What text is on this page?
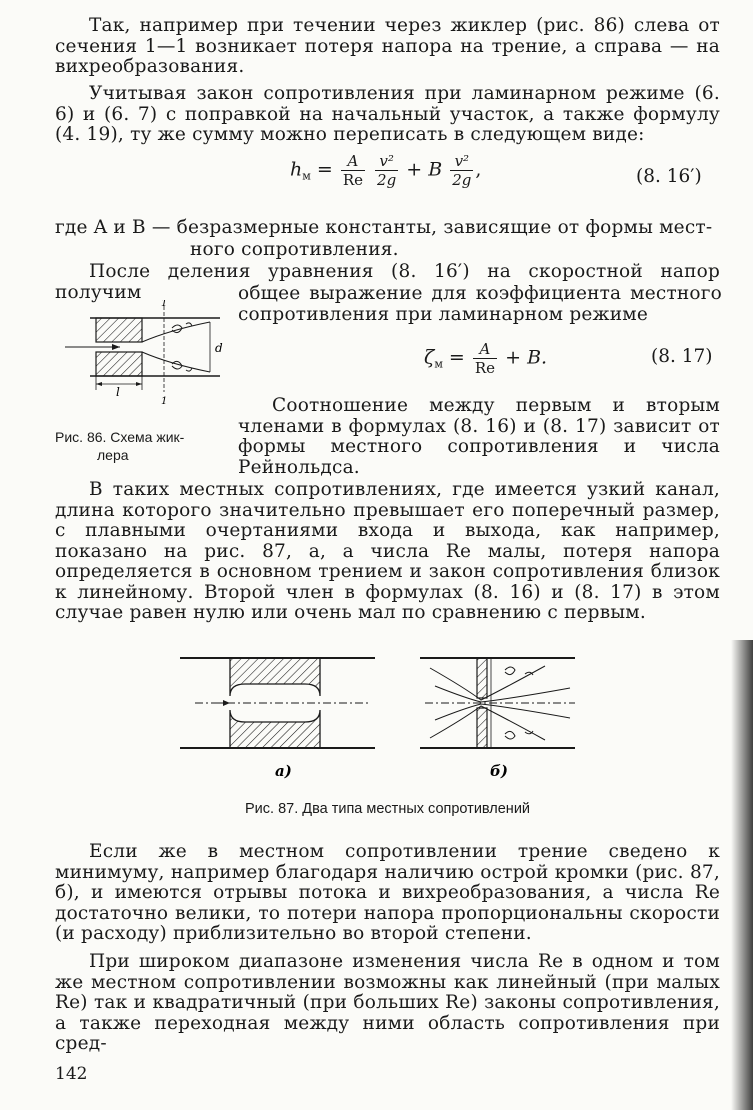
Так, например при течении через жиклер (рис. 86) слева от сечения 1—1 возникает потеря напора на трение, а справа — на вихреобразования.
Учитывая закон сопротивления при ламинарном режиме (6. 6) и (6. 7) с поправкой на начальный участок, а также формулу (4. 19), ту же сумму можно переписать в следующем виде:
$h_м = \frac{A}{Re}$
$\frac{\text{v²}}{2g} + B \frac{\text{v²}}{2g}$ ,	(8. 16′)
где A и B — безразмерные константы, зависящие от формы мест-
ного сопротивления.
После деления уравнения (8. 16′) на скоростной напор получим	общее выражение для коэффициента местного сопротивления при ламинарном режиме
d
l
1
1
$\zeta_м = \frac{A}{Re} + B$.	(8. 17)
Рис. 86. Схема жик-
лера
Соотношение между первым и вторым членами в формулах (8. 16) и (8. 17) зависит от формы местного сопротивления и числа Рейнольдса.
В таких местных сопротивлениях, где имеется узкий канал, длина которого значительно превышает его поперечный размер, с плавными очертаниями входа и выхода, как например, показано на рис. 87, а, а числа Re малы, потеря напора определяется в основном трением и закон сопротивления близок к линейному. Второй член в формулах (8. 16) и (8. 17) в этом случае равен нулю или очень мал по сравнению с первым.
а)	б)
Рис. 87. Два типа местных сопротивлений
Если же в местном сопротивлении трение сведено к минимуму, например благодаря наличию острой кромки (рис. 87, б), и имеются отрывы потока и вихреобразования, а числа Re достаточно велики, то потери напора пропорциональны скорости (и расходу) приблизительно во второй степени.
При широком диапазоне изменения числа Re в одном и том же местном сопротивлении возможны как линейный (при малых Re) так и квадратичный (при больших Re) законы сопротивления, а также переходная между ними область сопротивления при сред-
142
